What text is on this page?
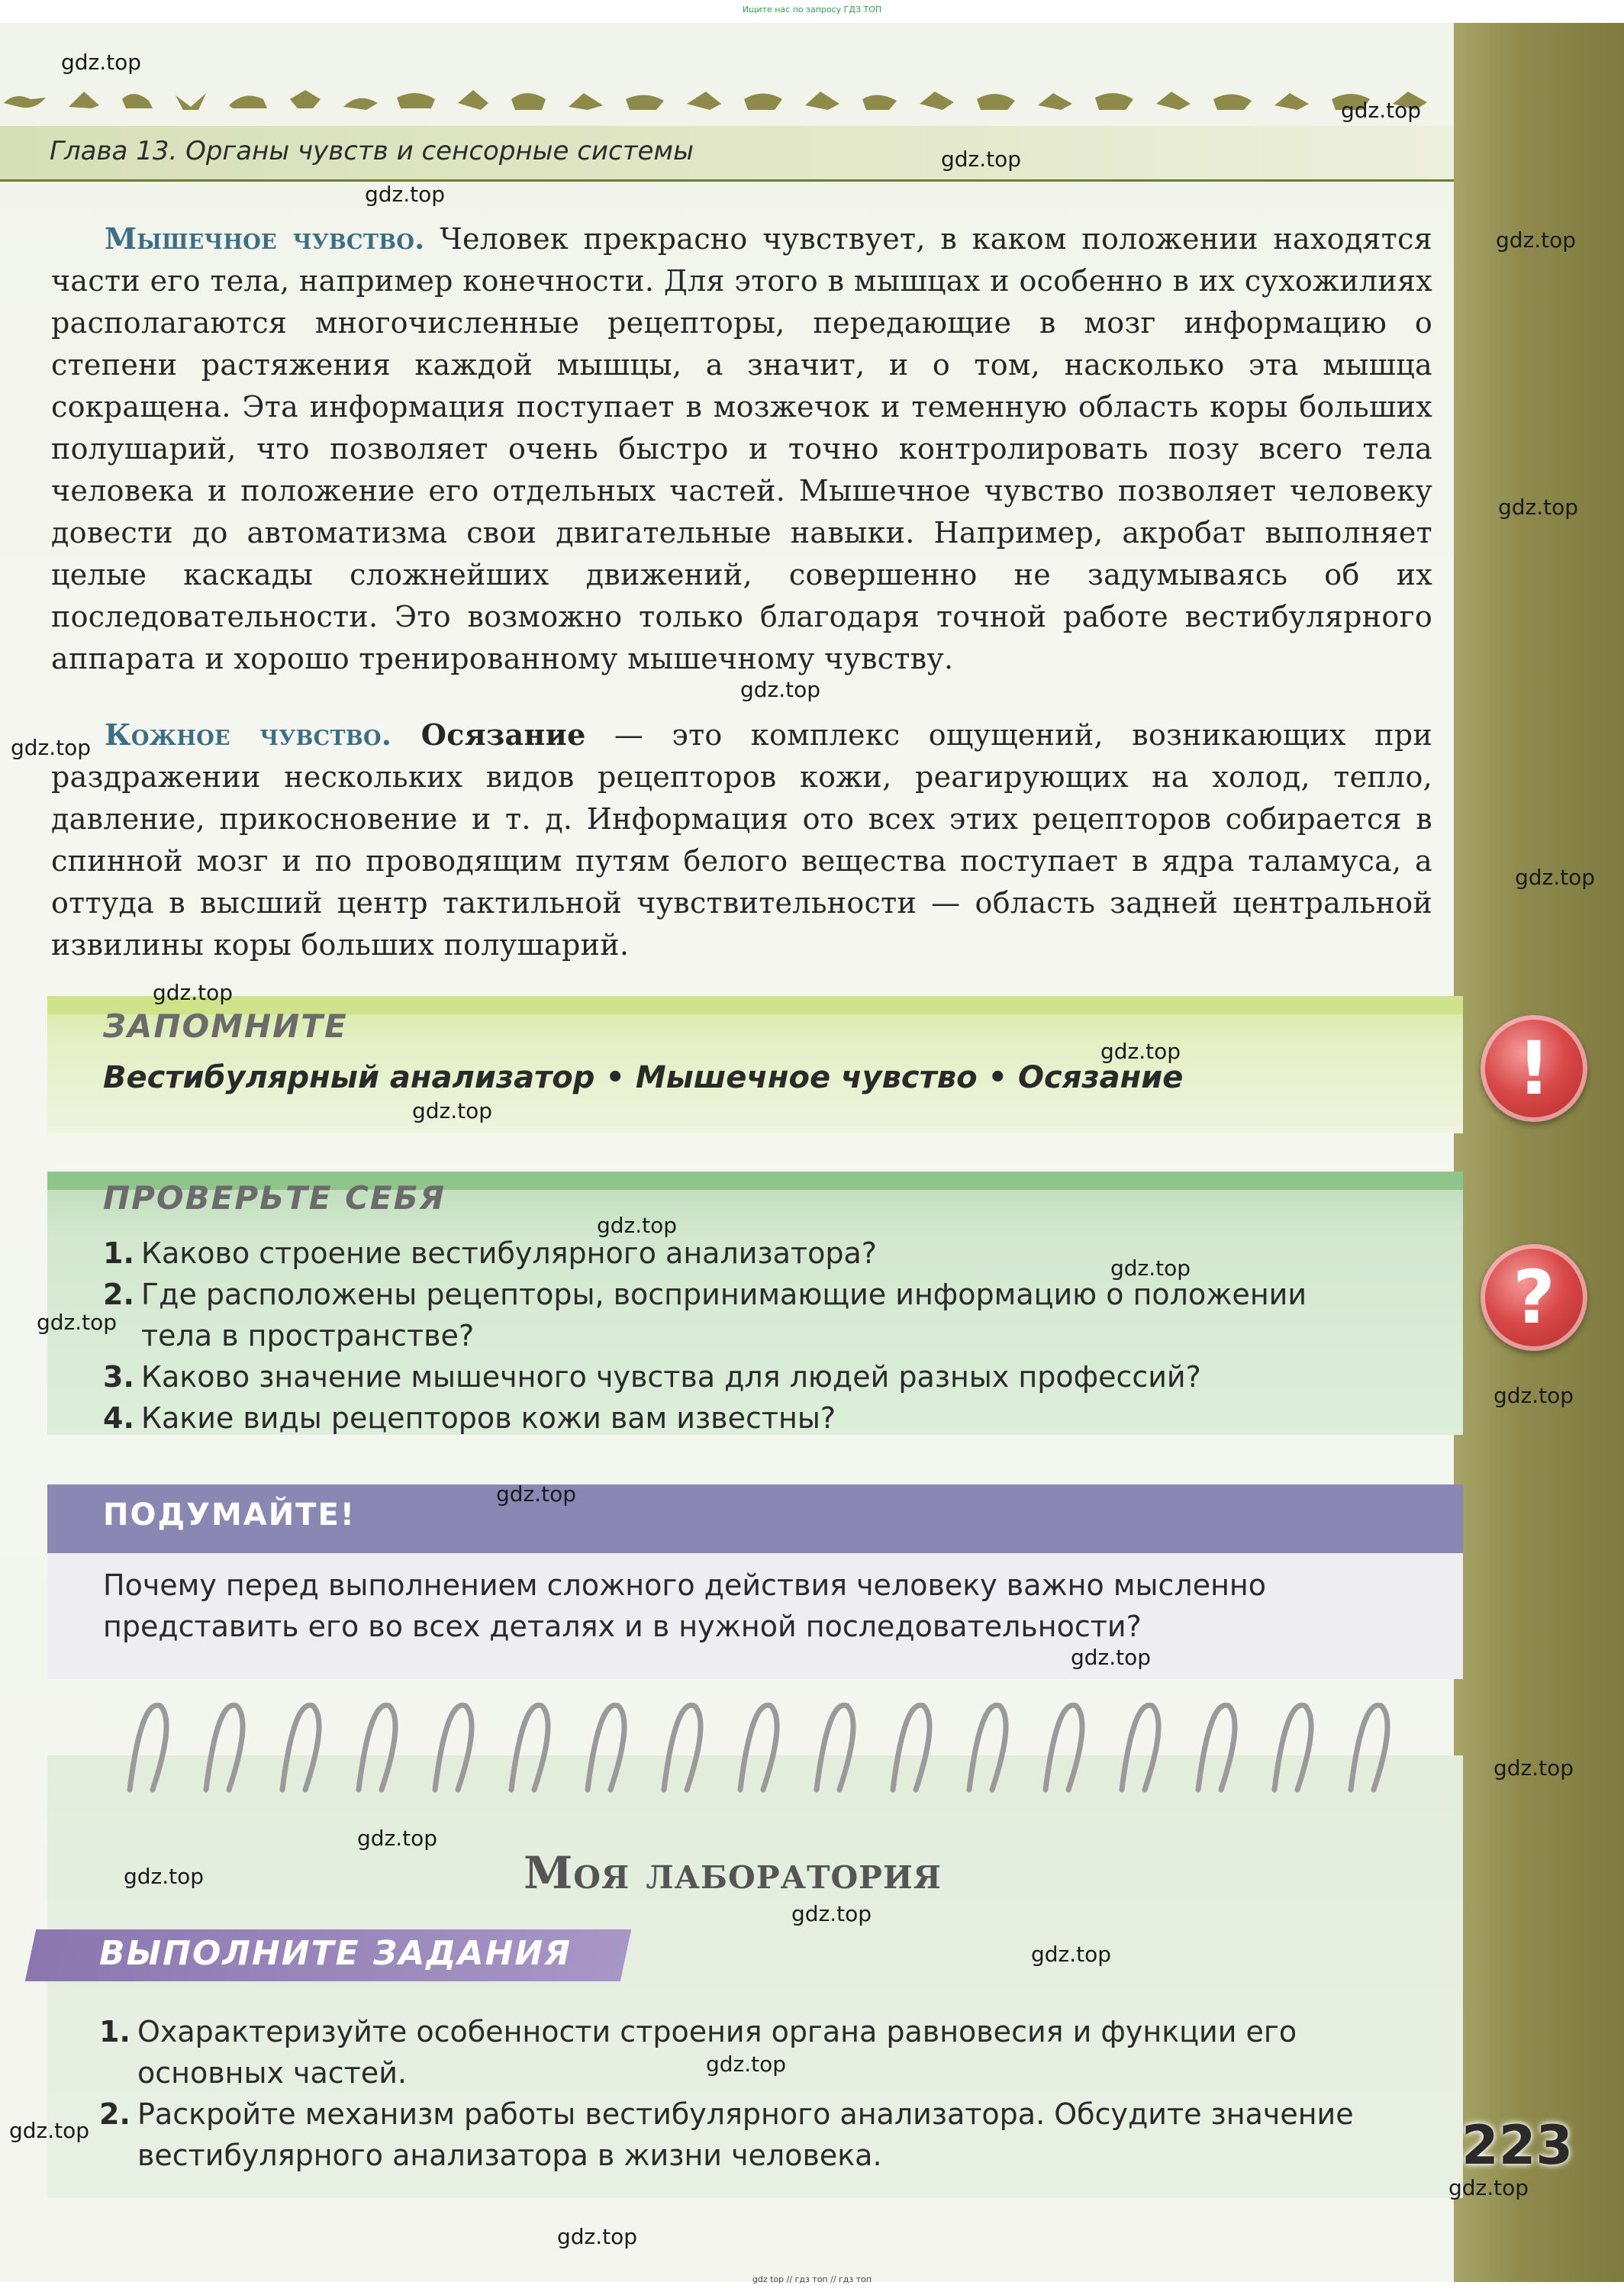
Ищите нас по запросу ГДЗ ТОП
Глава 13. Органы чувств и сенсорные системы

Мышечное чувство. Человек прекрасно чувствует, в каком положении находятся части его тела, например конечности. Для этого в мышцах и особенно в их сухожилиях располагаются многочисленные рецепторы, передающие в мозг информацию о степени растяжения каждой мышцы, а значит, и о том, насколько эта мышца сокращена. Эта информация поступает в мозжечок и теменную область коры больших полушарий, что позволяет очень быстро и точно контролировать позу всего тела человека и положение его отдельных частей. Мышечное чувство позволяет человеку довести до автоматизма свои двигательные навыки. Например, акробат выполняет целые каскады сложнейших движений, совершенно не задумываясь об их последовательности. Это возможно только благодаря точной работе вестибулярного аппарата и хорошо тренированному мышечному чувству.

Кожное чувство. Осязание — это комплекс ощущений, возникающих при раздражении нескольких видов рецепторов кожи, реагирующих на холод, тепло, давление, прикосновение и т. д. Информация ото всех этих рецепторов собирается в спинной мозг и по проводящим путям белого вещества поступает в ядра таламуса, а оттуда в высший центр тактильной чувствительности — область задней центральной извилины коры больших полушарий.

ЗАПОМНИТЕ
Вестибулярный анализатор • Мышечное чувство • Осязание	!
ПРОВЕРЬТЕ СЕБЯ
1. Каково строение вестибулярного анализатора?
2. Где расположены рецепторы, воспринимающие информацию о положении тела в пространстве?
3. Каково значение мышечного чувства для людей разных профессий?
4. Какие виды рецепторов кожи вам известны?
?
ПОДУМАЙТЕ!
Почему перед выполнением сложного действия человеку важно мысленно представить его во всех деталях и в нужной последовательности?
Моя лаборатория
ВЫПОЛНИТЕ ЗАДАНИЯ
1. Охарактеризуйте особенности строения органа равновесия и функции его основных частей.
2. Раскройте механизм работы вестибулярного анализатора. Обсудите значение вестибулярного анализатора в жизни человека.	223
gdz.top
gdz.top
gdz.top
gdz.top
gdz.top
gdz.top
gdz.top
gdz.top
gdz.top
gdz.top
gdz.top
gdz.top
gdz.top
gdz.top
gdz.top
gdz.top
gdz.top
gdz.top
gdz.top
gdz.top
gdz.top
gdz.top
gdz.top
gdz.top
gdz.top
gdz.top
gdz.top
gdz top // гдз топ // гдз топ
